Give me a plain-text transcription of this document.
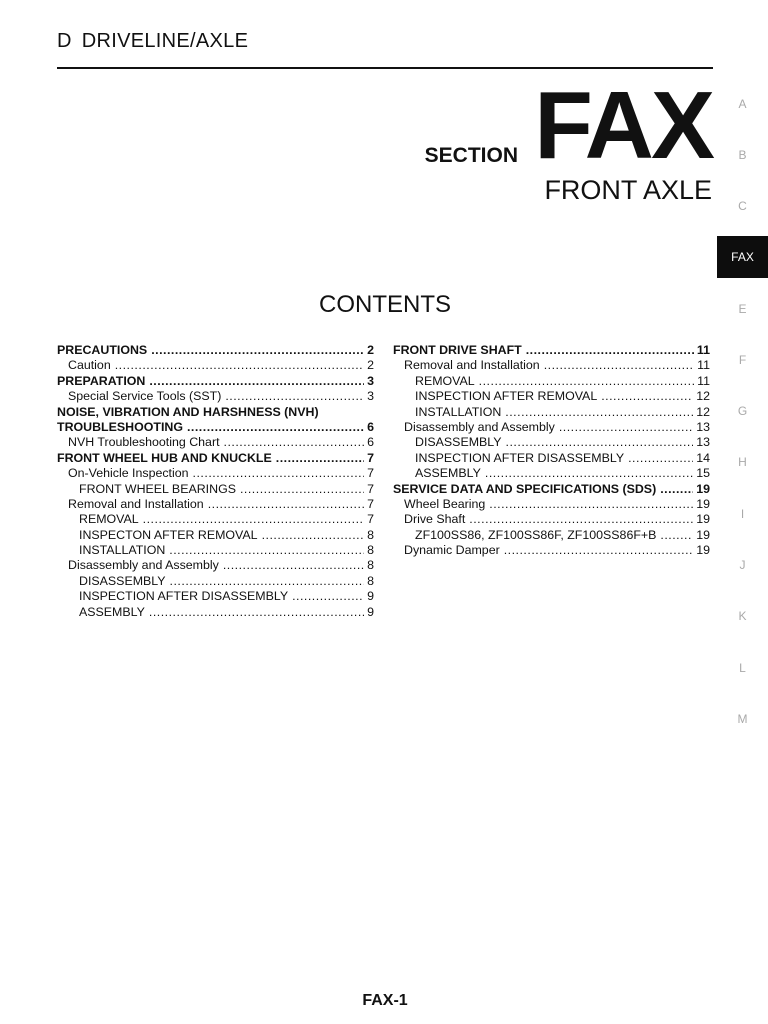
D DRIVELINE/AXLE
SECTION FAX
FRONT AXLE
CONTENTS
PRECAUTIONS .....	2
Caution .....	2
PREPARATION .....	3
Special Service Tools (SST) .....	3
NOISE, VIBRATION AND HARSHNESS (NVH)
TROUBLESHOOTING .....	6
NVH Troubleshooting Chart .....	6
FRONT WHEEL HUB AND KNUCKLE .....	7
On-Vehicle Inspection .....	7
FRONT WHEEL BEARINGS .....	7
Removal and Installation .....	7
REMOVAL .....	7
INSPECTON AFTER REMOVAL .....	8
INSTALLATION .....	8
Disassembly and Assembly .....	8
DISASSEMBLY .....	8
INSPECTION AFTER DISASSEMBLY .....	9
ASSEMBLY .....	9
FRONT DRIVE SHAFT .....	11
Removal and Installation .....	11
REMOVAL .....	11
INSPECTION AFTER REMOVAL .....	12
INSTALLATION .....	12
Disassembly and Assembly .....	13
DISASSEMBLY .....	13
INSPECTION AFTER DISASSEMBLY .....	14
ASSEMBLY .....	15
SERVICE DATA AND SPECIFICATIONS (SDS) .....	19
Wheel Bearing .....	19
Drive Shaft .....	19
ZF100SS86, ZF100SS86F, ZF100SS86F+B .....	19
Dynamic Damper .....	19
A
B
C
FAX
E
F
G
H
I
J
K
L
M
FAX-1
